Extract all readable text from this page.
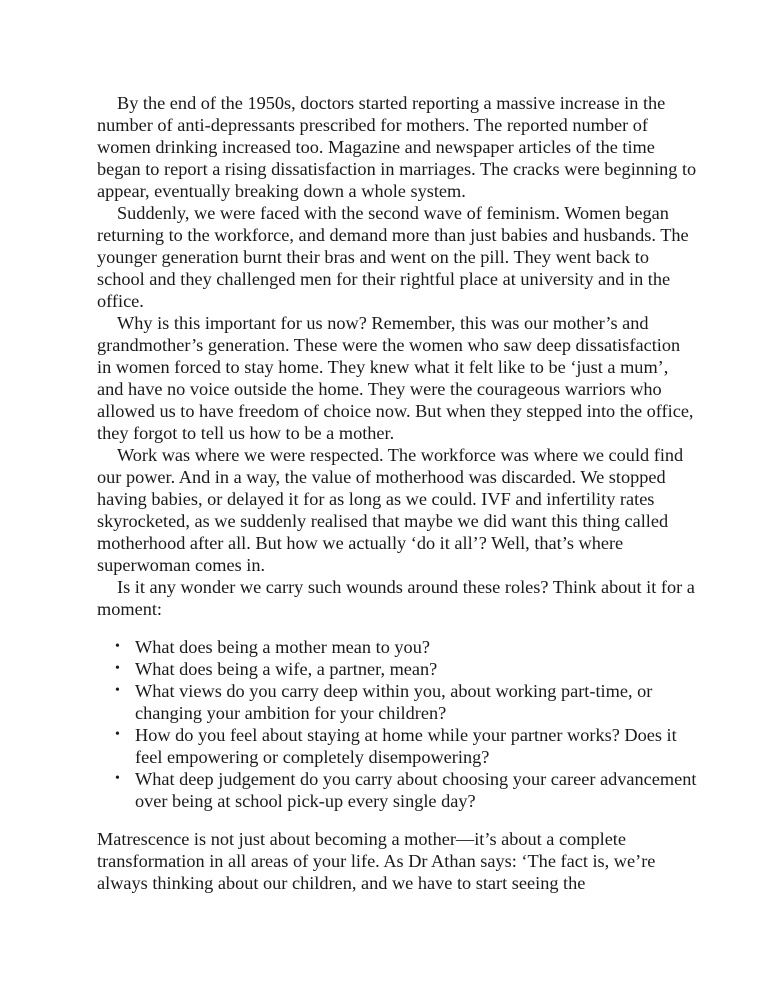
By the end of the 1950s, doctors started reporting a massive increase in the number of anti-depressants prescribed for mothers. The reported number of women drinking increased too. Magazine and newspaper articles of the time began to report a rising dissatisfaction in marriages. The cracks were beginning to appear, eventually breaking down a whole system.

Suddenly, we were faced with the second wave of feminism. Women began returning to the workforce, and demand more than just babies and husbands. The younger generation burnt their bras and went on the pill. They went back to school and they challenged men for their rightful place at university and in the office.

Why is this important for us now? Remember, this was our mother’s and grandmother’s generation. These were the women who saw deep dissatisfaction in women forced to stay home. They knew what it felt like to be ‘just a mum’, and have no voice outside the home. They were the courageous warriors who allowed us to have freedom of choice now. But when they stepped into the office, they forgot to tell us how to be a mother.

Work was where we were respected. The workforce was where we could find our power. And in a way, the value of motherhood was discarded. We stopped having babies, or delayed it for as long as we could. IVF and infertility rates skyrocketed, as we suddenly realised that maybe we did want this thing called motherhood after all. But how we actually ‘do it all’? Well, that’s where superwoman comes in.

Is it any wonder we carry such wounds around these roles? Think about it for a moment:

• What does being a mother mean to you?
• What does being a wife, a partner, mean?
• What views do you carry deep within you, about working part-time, or changing your ambition for your children?
• How do you feel about staying at home while your partner works? Does it feel empowering or completely disempowering?
• What deep judgement do you carry about choosing your career advancement over being at school pick-up every single day?

Matrescence is not just about becoming a mother—it’s about a complete transformation in all areas of your life. As Dr Athan says: ‘The fact is, we’re always thinking about our children, and we have to start seeing the
